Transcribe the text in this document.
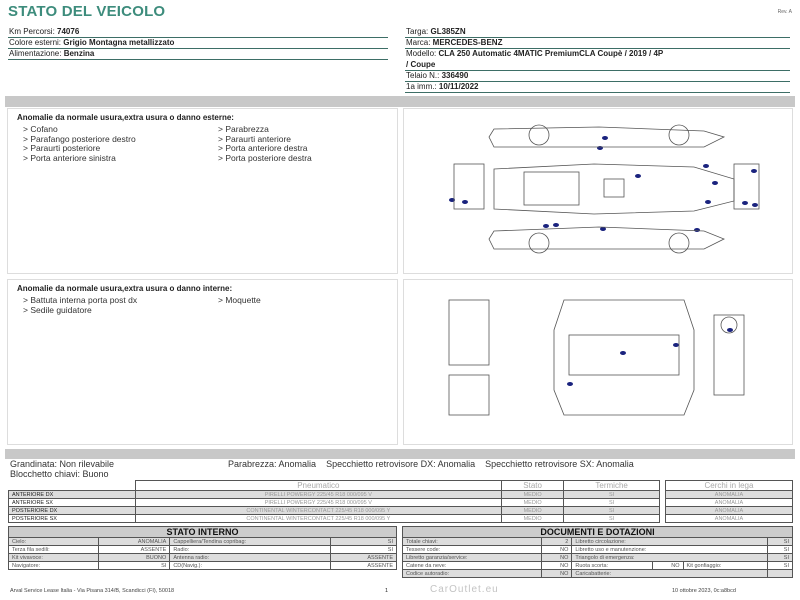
STATO DEL VEICOLO	Rev. A
Km Percorsi: 74076
Colore esterni: Grigio Montagna metallizzato
Alimentazione: Benzina
Targa: GL385ZN
Marca: MERCEDES-BENZ
Modello: CLA 250 Automatic 4MATIC PremiumCLA Coupè / 2019 / 4P
/ Coupe
Telaio N.: 336490
1a imm.: 10/11/2022
Anomalie da normale usura,extra usura o danno esterne:
> Cofano	> Parabrezza
> Parafango posteriore destro	> Paraurti anteriore
> Paraurti posteriore	> Porta anteriore destra
> Porta anteriore sinistra	> Porta posteriore destra
Anomalie da normale usura,extra usura o danno interne:
> Battuta interna porta post dx	> Moquette
> Sedile guidatore
Grandinata: Non rilevabile
Blocchetto chiavi: Buono
Parabrezza: Anomalia Specchietto retrovisore DX: Anomalia Specchietto retrovisore SX: Anomalia
	Pneumatico	Stato	Termiche
ANTERIORE DX	PIRELLI POWERGY 225/45 R18 000/095 V	MEDIO	SI
ANTERIORE SX	PIRELLI POWERGY 225/45 R18 000/095 V	MEDIO	SI
POSTERIORE DX	CONTINENTAL WINTERCONTACT 225/45 R18 000/095 Y	MEDIO	SI
POSTERIORE SX	CONTINENTAL WINTERCONTACT 225/45 R18 000/095 Y	MEDIO	SI
Cerchi in lega
ANOMALIA
ANOMALIA
ANOMALIA
ANOMALIA
STATO INTERNO			
Cielo:	ANOMALIA	Cappelliera/Tendina copribag:	SI
Terza fila sedili:	ASSENTE	Radio:	SI
Kit vivavoce:	BUONO	Antenna radio:	ASSENTE
Navigatore:	SI	CD(Navig.):	ASSENTE
DOCUMENTI E DOTAZIONI					
Totale chiavi:	2	Libretto circolazione:			SI
Tessere code:	NO	Libretto uso e manutenzione:			SI
Libretto garanzia/service:	NO	Triangolo di emergenza:			SI
Catene da neve:	NO	Ruota scorta:	NO	Kit gonfiaggio:	SI
Codice autoradio:	NO	Caricabatterie:			
CarOutlet.eu
Arval Service Lease Italia - Via Pisana 314/B, Scandicci (FI), 50018	1	10 ottobre 2023, 0c:a8bcd
